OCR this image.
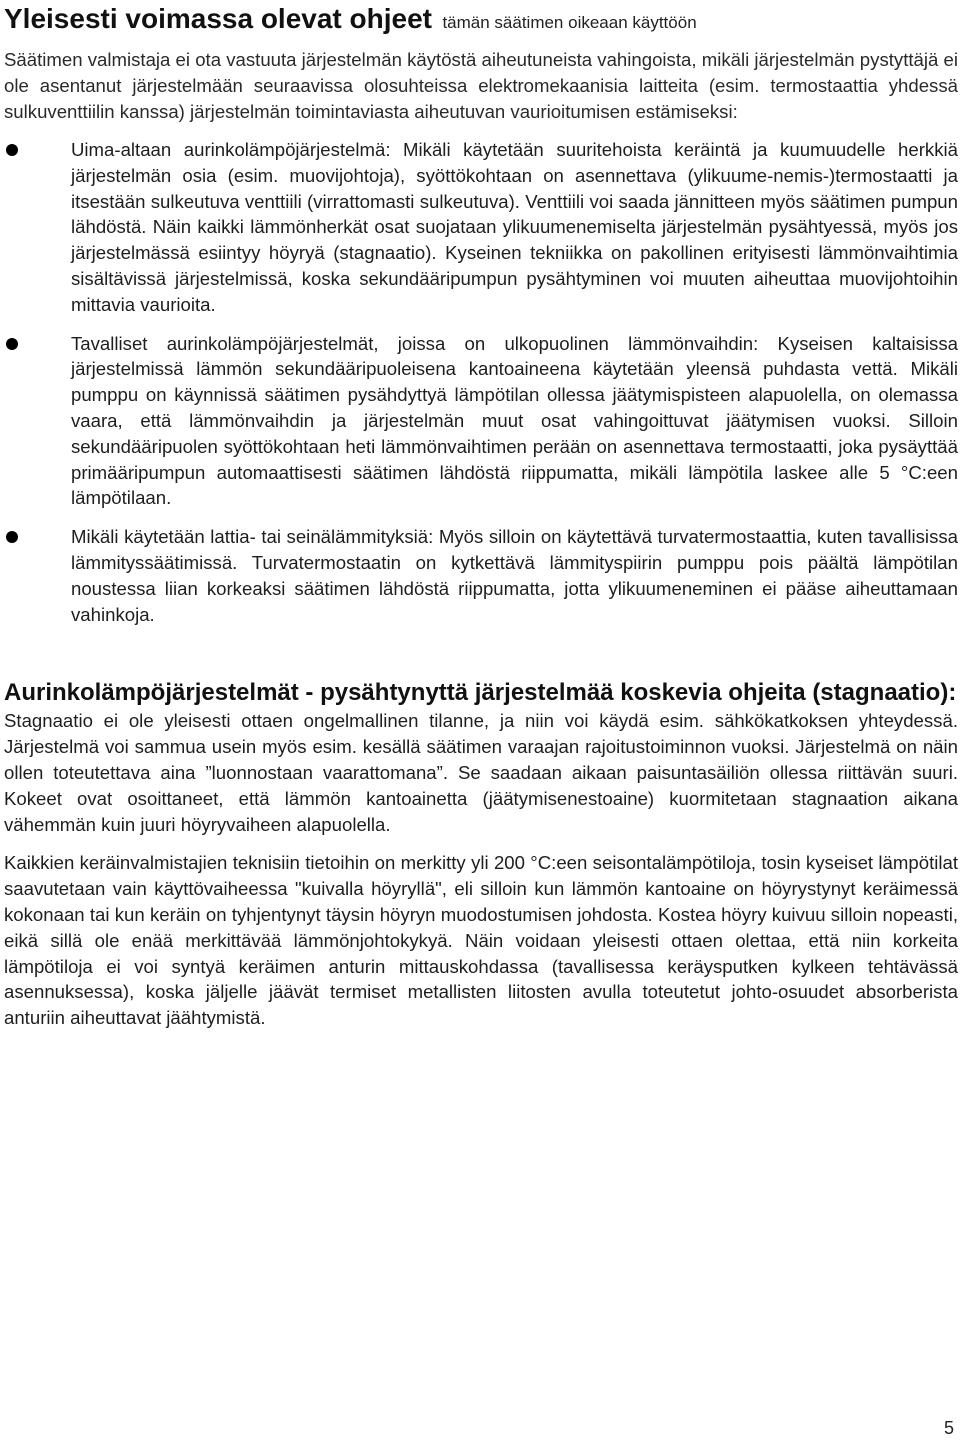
Yleisesti voimassa olevat ohjeet tämän säätimen oikeaan käyttöön

Säätimen valmistaja ei ota vastuuta järjestelmän käytöstä aiheutuneista vahingoista, mikäli järjestelmän pystyttäjä ei ole asentanut järjestelmään seuraavissa olosuhteissa elektromekaanisia laitteita (esim. termostaattia yhdessä sulkuventtiilin kanssa) järjestelmän toimintaviasta aiheutuvan vaurioitumisen estämiseksi:

Uima-altaan aurinkolämpöjärjestelmä: Mikäli käytetään suuritehoista keräintä ja kuumuudelle herkkiä järjestelmän osia (esim. muovijohtoja), syöttökohtaan on asennettava (ylikuume-nemis-)termostaatti ja itsestään sulkeutuva venttiili (virrattomasti sulkeutuva). Venttiili voi saada jännitteen myös säätimen pumpun lähdöstä. Näin kaikki lämmönherkät osat suojataan ylikuumenemiselta järjestelmän pysähtyessä, myös jos järjestelmässä esiintyy höyryä (stagnaatio). Kyseinen tekniikka on pakollinen erityisesti lämmönvaihtimia sisältävissä järjestelmissä, koska sekundääripumpun pysähtyminen voi muuten aiheuttaa muovijohtoihin mittavia vaurioita.
Tavalliset aurinkolämpöjärjestelmät, joissa on ulkopuolinen lämmönvaihdin: Kyseisen kaltaisissa järjestelmissä lämmön sekundääripuoleisena kantoaineena käytetään yleensä puhdasta vettä. Mikäli pumppu on käynnissä säätimen pysähdyttyä lämpötilan ollessa jäätymispisteen alapuolella, on olemassa vaara, että lämmönvaihdin ja järjestelmän muut osat vahingoittuvat jäätymisen vuoksi. Silloin sekundääripuolen syöttökohtaan heti lämmönvaihtimen perään on asennettava termostaatti, joka pysäyttää primääripumpun automaattisesti säätimen lähdöstä riippumatta, mikäli lämpötila laskee alle 5 °C:een lämpötilaan.
Mikäli käytetään lattia- tai seinälämmityksiä: Myös silloin on käytettävä turvatermostaattia, kuten tavallisissa lämmityssäätimissä. Turvatermostaatin on kytkettävä lämmityspiirin pumppu pois päältä lämpötilan noustessa liian korkeaksi säätimen lähdöstä riippumatta, jotta ylikuumeneminen ei pääse aiheuttamaan vahinkoja.
Aurinkolämpöjärjestelmät - pysähtynyttä järjestelmää koskevia ohjeita (stagnaatio):

Stagnaatio ei ole yleisesti ottaen ongelmallinen tilanne, ja niin voi käydä esim. sähkökatkoksen yhteydessä. Järjestelmä voi sammua usein myös esim. kesällä säätimen varaajan rajoitustoiminnon vuoksi. Järjestelmä on näin ollen toteutettava aina ”luonnostaan vaarattomana”. Se saadaan aikaan paisuntasäiliön ollessa riittävän suuri. Kokeet ovat osoittaneet, että lämmön kantoainetta (jäätymisenestoaine) kuormitetaan stagnaation aikana vähemmän kuin juuri höyryvaiheen alapuolella.

Kaikkien keräinvalmistajien teknisiin tietoihin on merkitty yli 200 °C:een seisontalämpötiloja, tosin kyseiset lämpötilat saavutetaan vain käyttövaiheessa "kuivalla höyryllä", eli silloin kun lämmön kantoaine on höyrystynyt keräimessä kokonaan tai kun keräin on tyhjentynyt täysin höyryn muodostumisen johdosta. Kostea höyry kuivuu silloin nopeasti, eikä sillä ole enää merkittävää lämmönjohtokykyä. Näin voidaan yleisesti ottaen olettaa, että niin korkeita lämpötiloja ei voi syntyä keräimen anturin mittauskohdassa (tavallisessa keräysputken kylkeen tehtävässä asennuksessa), koska jäljelle jäävät termiset metallisten liitosten avulla toteutetut johto-osuudet absorberista anturiin aiheuttavat jäähtymistä.

5
